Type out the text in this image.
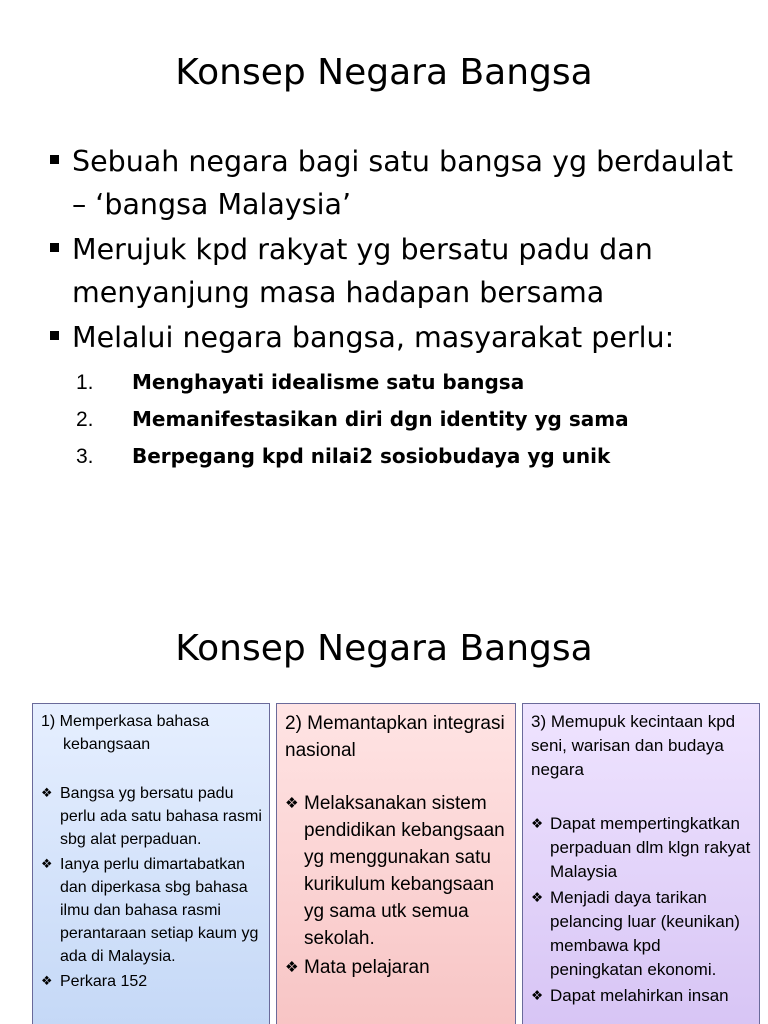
Konsep Negara Bangsa
Sebuah negara bagi satu bangsa yg berdaulat – ‘bangsa Malaysia’
Merujuk kpd rakyat yg bersatu padu dan menyanjung masa hadapan bersama
Melalui negara bangsa, masyarakat perlu:
1. Menghayati idealisme satu bangsa
2. Memanifestasikan diri dgn identity yg sama
3. Berpegang kpd nilai2 sosiobudaya yg unik
Konsep Negara Bangsa
1) Memperkasa bahasa kebangsaan
❖ Bangsa yg bersatu padu perlu ada satu bahasa rasmi sbg alat perpaduan.
❖ Ianya perlu dimartabatkan dan diperkasa sbg bahasa ilmu dan bahasa rasmi perantaraan setiap kaum yg ada di Malaysia.
❖ Perkara 152
2) Memantapkan integrasi nasional
❖ Melaksanakan sistem pendidikan kebangsaan yg menggunakan satu kurikulum kebangsaan yg sama utk semua sekolah.
❖ Mata pelajaran
3) Memupuk kecintaan kpd seni, warisan dan budaya negara
❖ Dapat mempertingkatkan perpaduan dlm klgn rakyat Malaysia
❖ Menjadi daya tarikan pelancing luar (keunikan) membawa kpd peningkatan ekonomi.
❖ Dapat melahirkan insan
